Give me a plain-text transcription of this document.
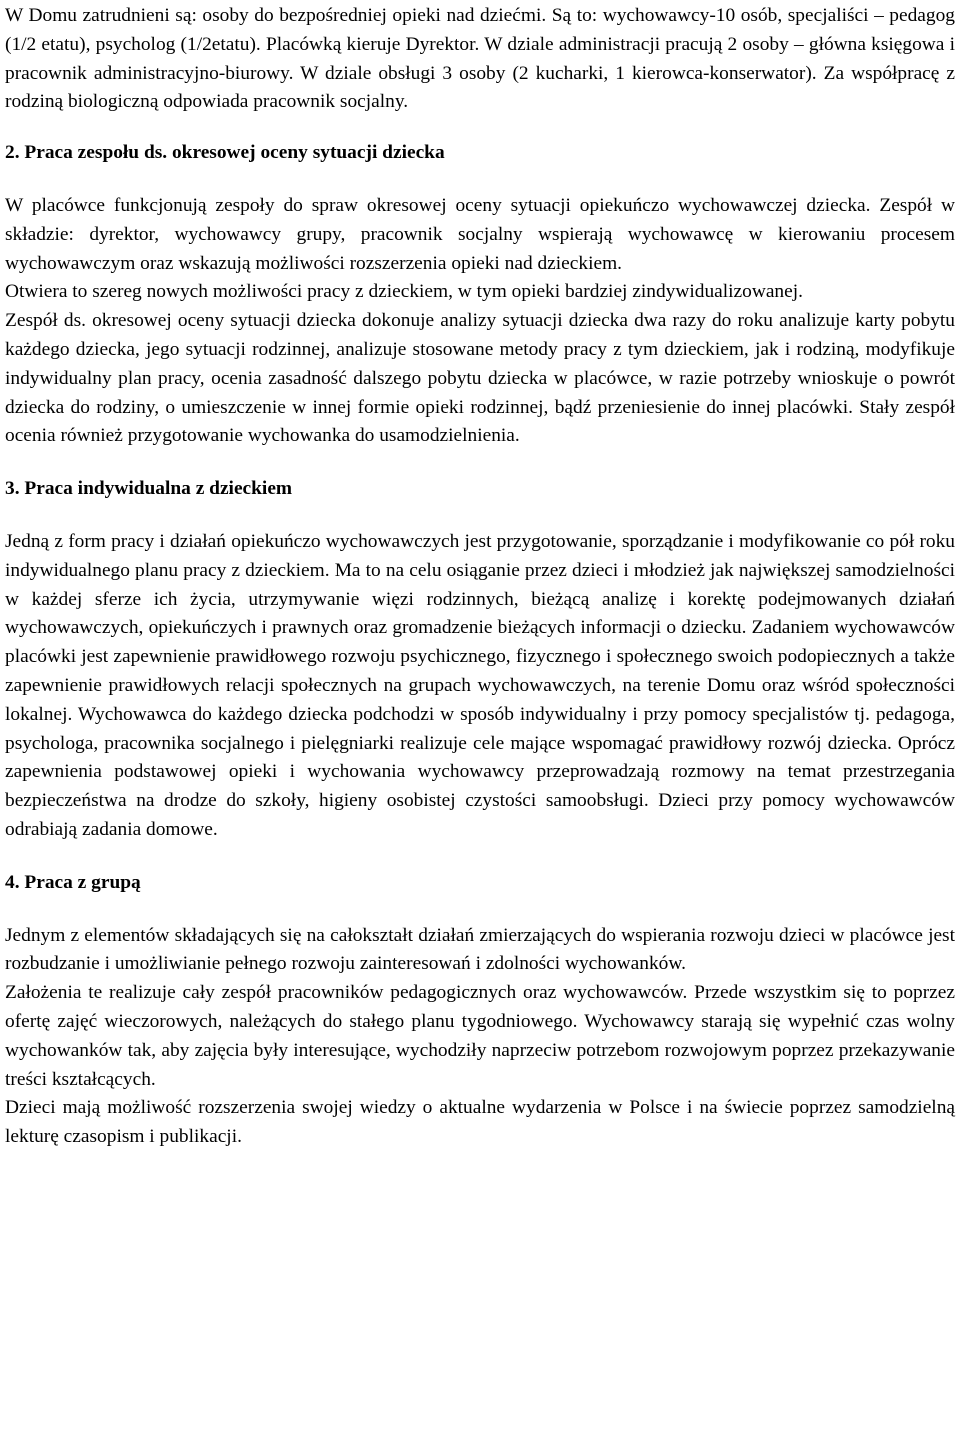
W Domu zatrudnieni są: osoby do bezpośredniej opieki nad dziećmi. Są to: wychowawcy-10 osób, specjaliści – pedagog (1/2 etatu), psycholog (1/2etatu). Placówką kieruje Dyrektor. W dziale administracji pracują 2 osoby – główna księgowa i pracownik administracyjno-biurowy. W dziale obsługi 3 osoby (2 kucharki, 1 kierowca-konserwator). Za współpracę z rodziną biologiczną odpowiada pracownik socjalny.

2. Praca zespołu ds. okresowej oceny sytuacji dziecka

W placówce funkcjonują zespoły do spraw okresowej oceny sytuacji opiekuńczo wychowawczej dziecka. Zespół w składzie: dyrektor, wychowawcy grupy, pracownik socjalny wspierają wychowawcę w kierowaniu procesem wychowawczym oraz wskazują możliwości rozszerzenia opieki nad dzieckiem.

Otwiera to szereg nowych możliwości pracy z dzieckiem, w tym opieki bardziej zindywidualizowanej.

Zespół ds. okresowej oceny sytuacji dziecka dokonuje analizy sytuacji dziecka dwa razy do roku analizuje karty pobytu każdego dziecka, jego sytuacji rodzinnej, analizuje stosowane metody pracy z tym dzieckiem, jak i rodziną, modyfikuje indywidualny plan pracy, ocenia zasadność dalszego pobytu dziecka w placówce, w razie potrzeby wnioskuje o powrót dziecka do rodziny, o umieszczenie w innej formie opieki rodzinnej, bądź przeniesienie do innej placówki. Stały zespół ocenia również przygotowanie wychowanka do usamodzielnienia.

3. Praca indywidualna z dzieckiem

Jedną z form pracy i działań opiekuńczo wychowawczych jest przygotowanie, sporządzanie i modyfikowanie co pół roku indywidualnego planu pracy z dzieckiem. Ma to na celu osiąganie przez dzieci i młodzież jak największej samodzielności w każdej sferze ich życia, utrzymywanie więzi rodzinnych, bieżącą analizę i korektę podejmowanych działań wychowawczych, opiekuńczych i prawnych oraz gromadzenie bieżących informacji o dziecku. Zadaniem wychowawców placówki jest zapewnienie prawidłowego rozwoju psychicznego, fizycznego i społecznego swoich podopiecznych a także zapewnienie prawidłowych relacji społecznych na grupach wychowawczych, na terenie Domu oraz wśród społeczności lokalnej. Wychowawca do każdego dziecka podchodzi w sposób indywidualny i przy pomocy specjalistów tj. pedagoga, psychologa, pracownika socjalnego i pielęgniarki realizuje cele mające wspomagać prawidłowy rozwój dziecka. Oprócz zapewnienia podstawowej opieki i wychowania wychowawcy przeprowadzają rozmowy na temat przestrzegania bezpieczeństwa na drodze do szkoły, higieny osobistej czystości samoobsługi. Dzieci przy pomocy wychowawców odrabiają zadania domowe.

4. Praca z grupą

Jednym z elementów składających się na całokształt działań zmierzających do wspierania rozwoju dzieci w placówce jest rozbudzanie i umożliwianie pełnego rozwoju zainteresowań i zdolności wychowanków.

Założenia te realizuje cały zespół pracowników pedagogicznych oraz wychowawców. Przede wszystkim się to poprzez ofertę zajęć wieczorowych, należących do stałego planu tygodniowego. Wychowawcy starają się wypełnić czas wolny wychowanków tak, aby zajęcia były interesujące, wychodziły naprzeciw potrzebom rozwojowym poprzez przekazywanie treści kształcących.

Dzieci mają możliwość rozszerzenia swojej wiedzy o aktualne wydarzenia w Polsce i na świecie poprzez samodzielną lekturę czasopism i publikacji.
